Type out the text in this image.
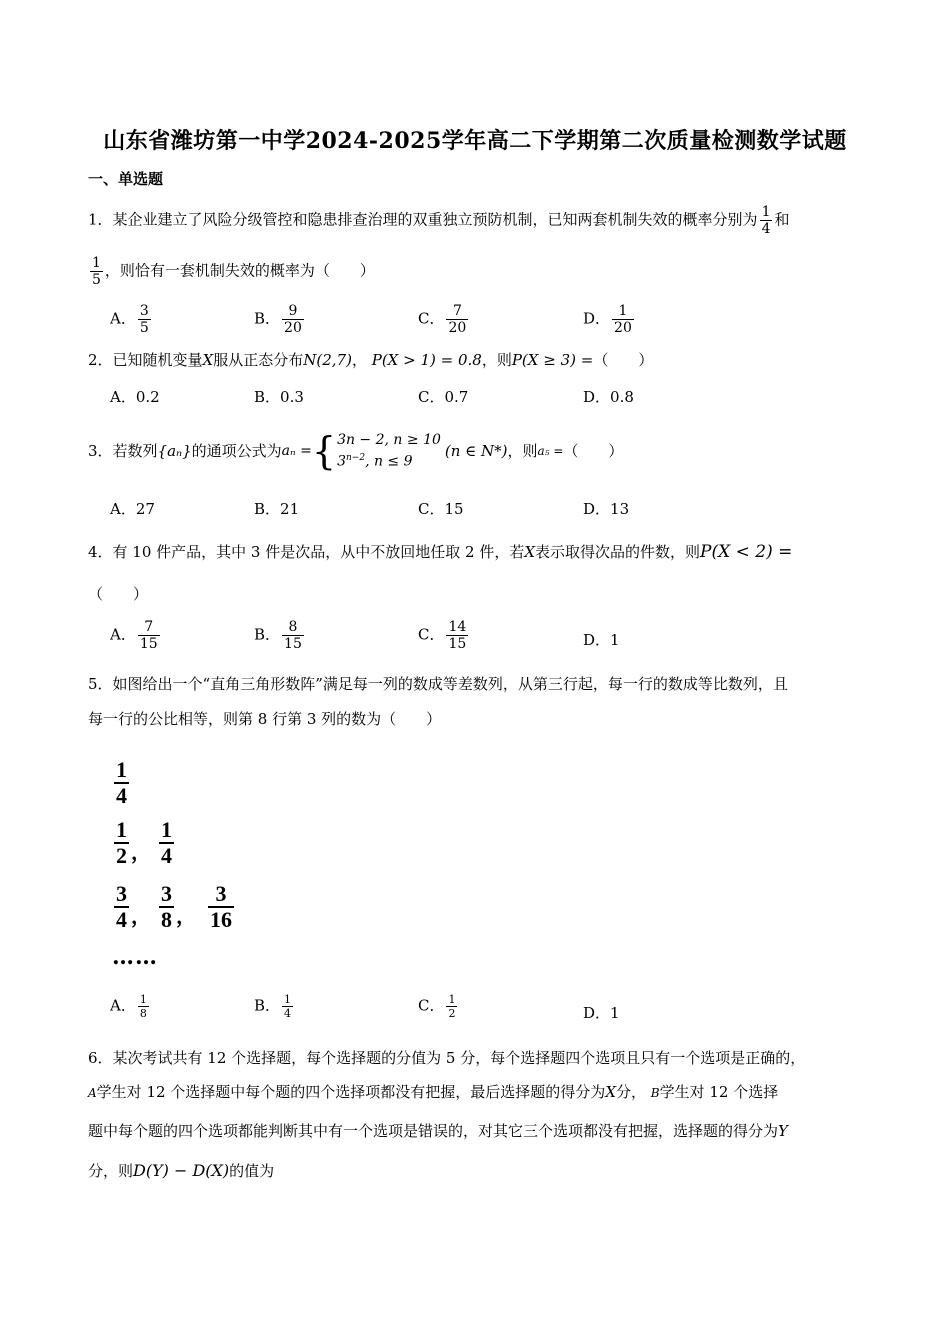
山东省潍坊第一中学2024-2025学年高二下学期第二次质量检测数学试题
一、单选题
1．某企业建立了风险分级管控和隐患排查治理的双重独立预防机制，已知两套机制失效的概率分别为 $\frac{1}{4}$ 和
$\frac{1}{5}$ ，则恰有一套机制失效的概率为（　　）
A． $\frac{3}{5}$	B． $\frac{9}{20}$	C． $\frac{7}{20}$	D． $\frac{1}{20}$
2．已知随机变量X服从正态分布N(2,7)， P(X > 1) = 0.8，则P(X ≥ 3) =（　　）
A．0.2	B．0.3	C．0.7	D．0.8
3．若数列 {aₙ} 的通项公式为 aₙ = { 3n − 2, n ≥ 10
$3^{n-2}$, n ≤ 9
(n ∈ N*) ，则 a₅ = （　　）
A．27	B．21	C．15	D．13
4．有 10 件产品，其中 3 件是次品，从中不放回地任取 2 件，若X表示取得次品的件数，则P(X < 2) =
（　　）
A． $\frac{7}{15}$	B． $\frac{8}{15}$	C． $\frac{14}{15}$	D．1
5．如图给出一个“直角三角形数阵”满足每一列的数成等差数列，从第三行起，每一行的数成等比数列，且
每一行的公比相等，则第 8 行第 3 列的数为（　　）
$\frac{1}{4}$
$\frac{1}{2}$ ， $\frac{1}{4}$
$\frac{3}{4}$ ， $\frac{3}{8}$ ， $\frac{3}{16}$
……
A． $\frac{1}{8}$	B． $\frac{1}{4}$	C． $\frac{1}{2}$	D．1
6．某次考试共有 12 个选择题，每个选择题的分值为 5 分，每个选择题四个选项且只有一个选项是正确的，
A学生对 12 个选择题中每个题的四个选择项都没有把握，最后选择题的得分为X分， B学生对 12 个选择
题中每个题的四个选项都能判断其中有一个选项是错误的，对其它三个选项都没有把握，选择题的得分为Y
分，则D(Y) − D(X)的值为
